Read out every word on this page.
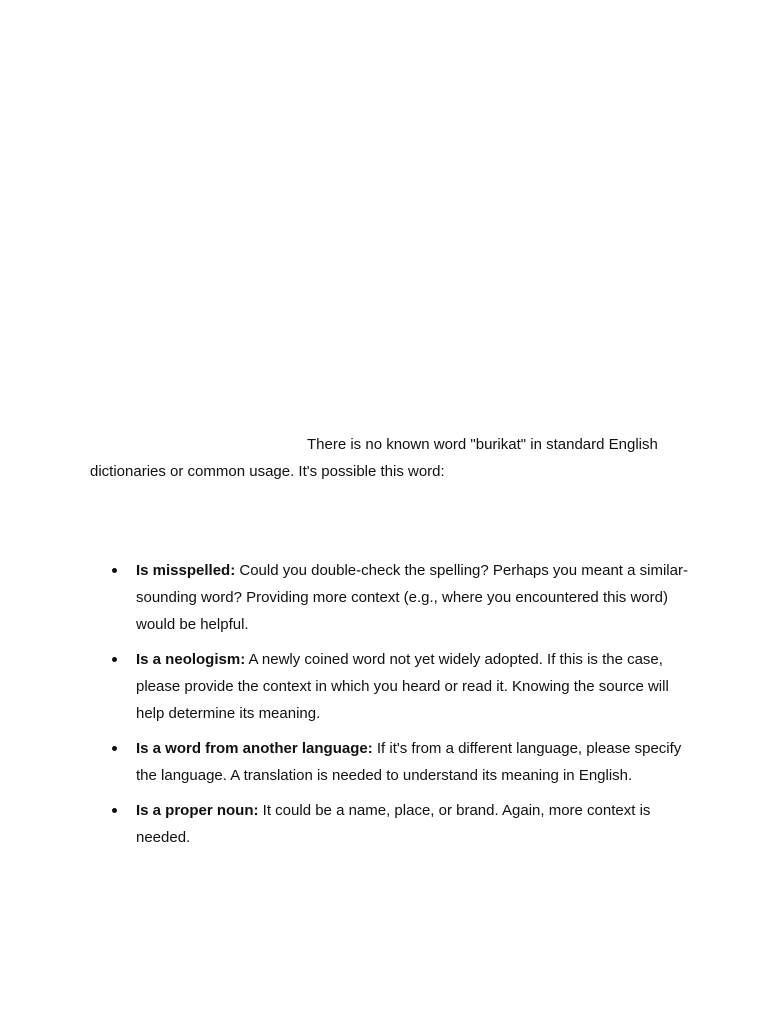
There is no known word "burikat" in standard English dictionaries or common usage. It's possible this word:

Is misspelled: Could you double-check the spelling? Perhaps you meant a similar-sounding word? Providing more context (e.g., where you encountered this word) would be helpful.
Is a neologism: A newly coined word not yet widely adopted. If this is the case, please provide the context in which you heard or read it. Knowing the source will help determine its meaning.
Is a word from another language: If it's from a different language, please specify the language. A translation is needed to understand its meaning in English.
Is a proper noun: It could be a name, place, or brand. Again, more context is needed.
